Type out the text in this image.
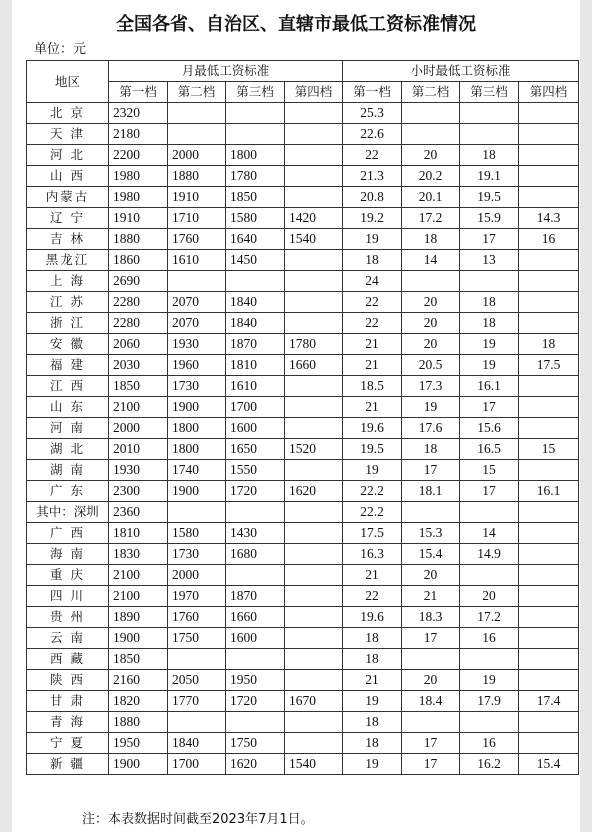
全国各省、自治区、直辖市最低工资标准情况
单位：元
地区	月最低工资标准				小时最低工资标准			
	第一档	第二档	第三档	第四档	第一档	第二档	第三档	第四档
北 京	2320				25.3			
天 津	2180				22.6			
河 北	2200	2000	1800		22	20	18	
山 西	1980	1880	1780		21.3	20.2	19.1	
内蒙古	1980	1910	1850		20.8	20.1	19.5	
辽 宁	1910	1710	1580	1420	19.2	17.2	15.9	14.3
吉 林	1880	1760	1640	1540	19	18	17	16
黑龙江	1860	1610	1450		18	14	13	
上 海	2690				24			
江 苏	2280	2070	1840		22	20	18	
浙 江	2280	2070	1840		22	20	18	
安 徽	2060	1930	1870	1780	21	20	19	18
福 建	2030	1960	1810	1660	21	20.5	19	17.5
江 西	1850	1730	1610		18.5	17.3	16.1	
山 东	2100	1900	1700		21	19	17	
河 南	2000	1800	1600		19.6	17.6	15.6	
湖 北	2010	1800	1650	1520	19.5	18	16.5	15
湖 南	1930	1740	1550		19	17	15	
广 东	2300	1900	1720	1620	22.2	18.1	17	16.1
其中：深圳	2360				22.2			
广 西	1810	1580	1430		17.5	15.3	14	
海 南	1830	1730	1680		16.3	15.4	14.9	
重 庆	2100	2000			21	20		
四 川	2100	1970	1870		22	21	20	
贵 州	1890	1760	1660		19.6	18.3	17.2	
云 南	1900	1750	1600		18	17	16	
西 藏	1850				18			
陕 西	2160	2050	1950		21	20	19	
甘 肃	1820	1770	1720	1670	19	18.4	17.9	17.4
青 海	1880				18			
宁 夏	1950	1840	1750		18	17	16	
新 疆	1900	1700	1620	1540	19	17	16.2	15.4
注：本表数据时间截至2023年7月1日。
